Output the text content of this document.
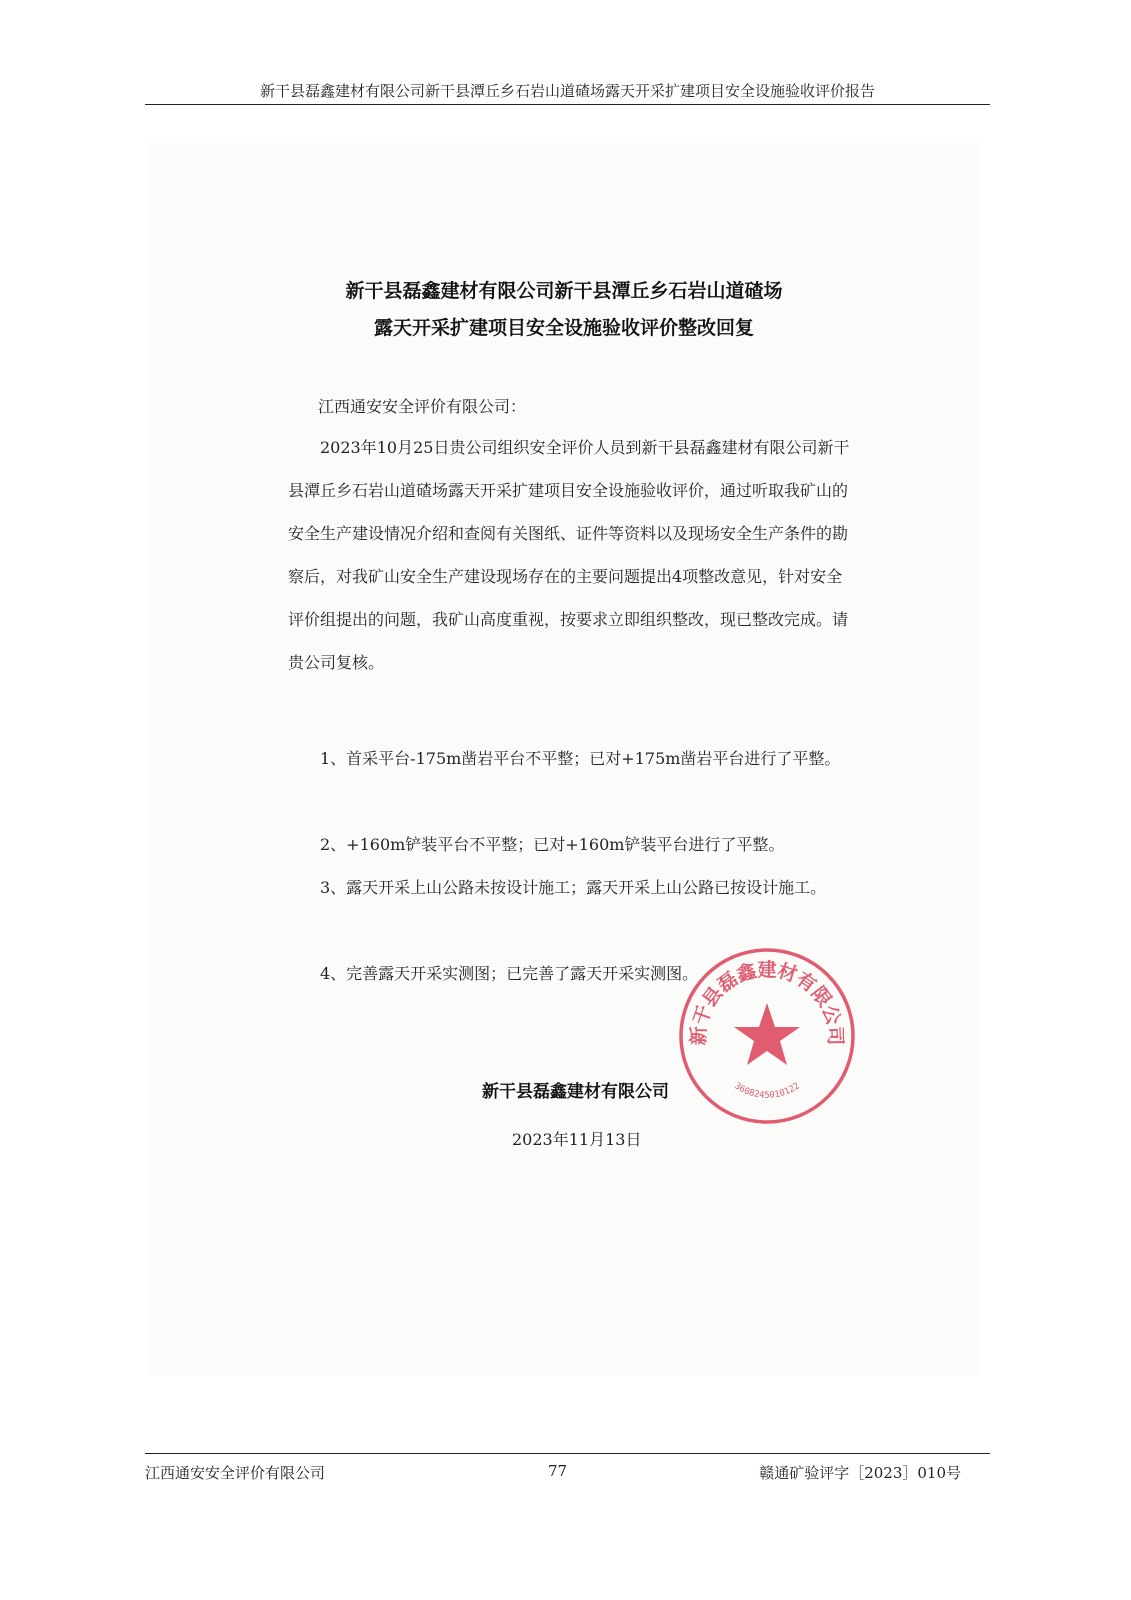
新干县磊鑫建材有限公司新干县潭丘乡石岩山道碴场露天开采扩建项目安全设施验收评价报告
新干县磊鑫建材有限公司新干县潭丘乡石岩山道碴场
露天开采扩建项目安全设施验收评价整改回复
江西通安安全评价有限公司：

2023年10月25日贵公司组织安全评价人员到新干县磊鑫建材有限公司新干县潭丘乡石岩山道碴场露天开采扩建项目安全设施验收评价，通过听取我矿山的安全生产建设情况介绍和查阅有关图纸、证件等资料以及现场安全生产条件的勘察后，对我矿山安全生产建设现场存在的主要问题提出4项整改意见，针对安全评价组提出的问题，我矿山高度重视，按要求立即组织整改，现已整改完成。请贵公司复核。

1、首采平台-175m凿岩平台不平整；已对+175m凿岩平台进行了平整。

2、+160m铲装平台不平整；已对+160m铲装平台进行了平整。

3、露天开采上山公路未按设计施工；露天开采上山公路已按设计施工。

4、完善露天开采实测图；已完善了露天开采实测图。

新干县磊鑫建材有限公司
3608245010122
新干县磊鑫建材有限公司
2023年11月13日
江西通安安全评价有限公司	77	赣通矿验评字［2023］010号
